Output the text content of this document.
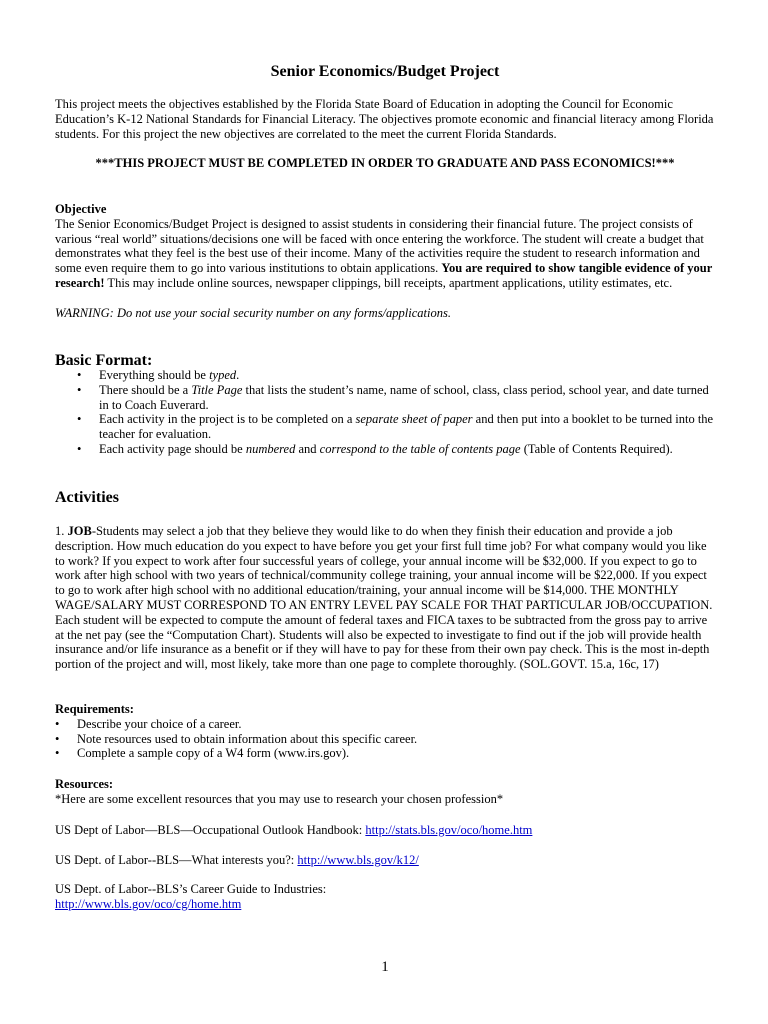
Senior Economics/Budget Project

This project meets the objectives established by the Florida State Board of Education in adopting the Council for Economic Education’s K-12 National Standards for Financial Literacy. The objectives promote economic and financial literacy among Florida students. For this project the new objectives are correlated to the meet the current Florida Standards.

***THIS PROJECT MUST BE COMPLETED IN ORDER TO GRADUATE AND PASS ECONOMICS!***

Objective

The Senior Economics/Budget Project is designed to assist students in considering their financial future. The project consists of various “real world” situations/decisions one will be faced with once entering the workforce. The student will create a budget that demonstrates what they feel is the best use of their income. Many of the activities require the student to research information and some even require them to go into various institutions to obtain applications. You are required to show tangible evidence of your research! This may include online sources, newspaper clippings, bill receipts, apartment applications, utility estimates, etc.

WARNING: Do not use your social security number on any forms/applications.

Basic Format:

• Everything should be typed.
• There should be a Title Page that lists the student’s name, name of school, class, class period, school year, and date turned in to Coach Euverard.
• Each activity in the project is to be completed on a separate sheet of paper and then put into a booklet to be turned into the teacher for evaluation.
• Each activity page should be numbered and correspond to the table of contents page (Table of Contents Required).

Activities

1. JOB-Students may select a job that they believe they would like to do when they finish their education and provide a job description. How much education do you expect to have before you get your first full time job? For what company would you like to work? If you expect to work after four successful years of college, your annual income will be $32,000. If you expect to go to work after high school with two years of technical/community college training, your annual income will be $22,000. If you expect to go to work after high school with no additional education/training, your annual income will be $14,000. THE MONTHLY WAGE/SALARY MUST CORRESPOND TO AN ENTRY LEVEL PAY SCALE FOR THAT PARTICULAR JOB/OCCUPATION. Each student will be expected to compute the amount of federal taxes and FICA taxes to be subtracted from the gross pay to arrive at the net pay (see the “Computation Chart). Students will also be expected to investigate to find out if the job will provide health insurance and/or life insurance as a benefit or if they will have to pay for these from their own pay check. This is the most in-depth portion of the project and will, most likely, take more than one page to complete thoroughly. (SOL.GOVT. 15.a, 16c, 17)

Requirements:

• Describe your choice of a career.
• Note resources used to obtain information about this specific career.
• Complete a sample copy of a W4 form (www.irs.gov).

Resources:

*Here are some excellent resources that you may use to research your chosen profession*

US Dept of Labor—BLS—Occupational Outlook Handbook: http://stats.bls.gov/oco/home.htm

US Dept. of Labor--BLS—What interests you?: http://www.bls.gov/k12/

US Dept. of Labor--BLS’s Career Guide to Industries:
http://www.bls.gov/oco/cg/home.htm

1
